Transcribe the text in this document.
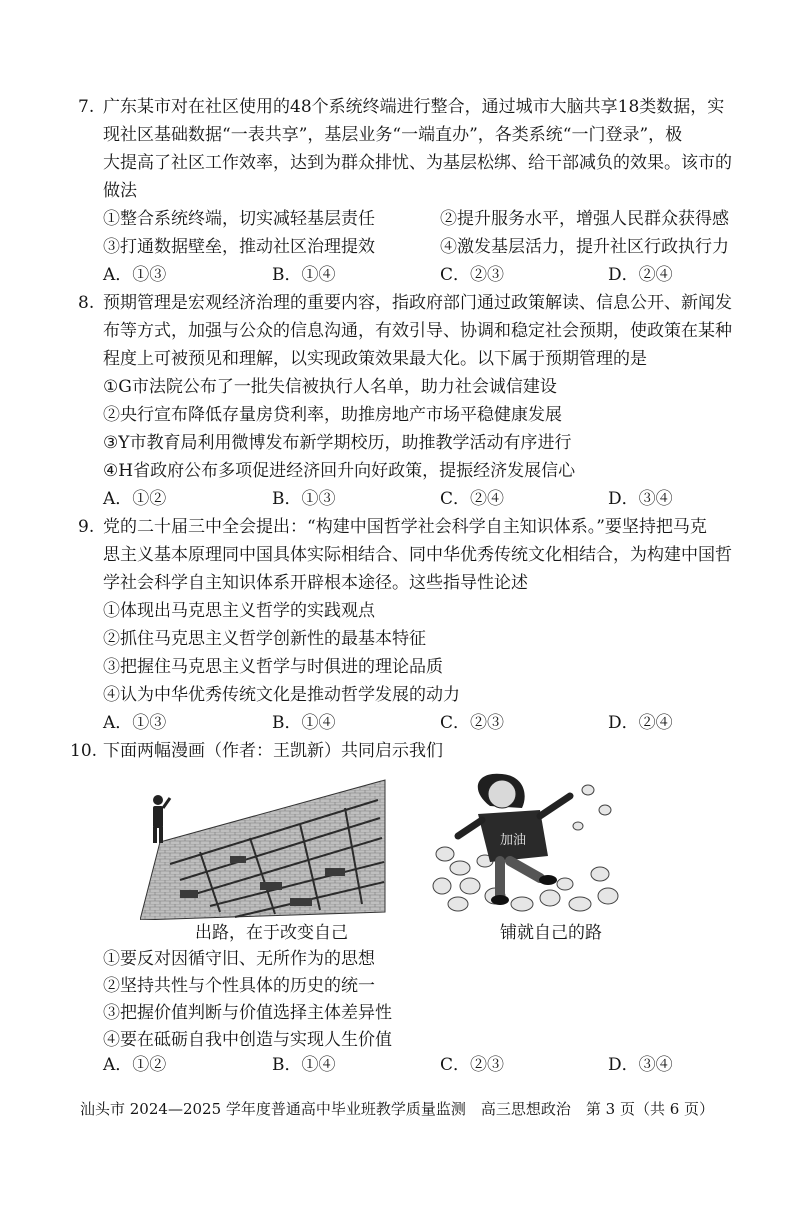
7. 广东某市对在社区使用的48个系统终端进行整合，通过城市大脑共享18类数据，实
现社区基础数据“一表共享”，基层业务“一端直办”，各类系统“一门登录”，极
大提高了社区工作效率，达到为群众排忧、为基层松绑、给干部减负的效果。该市的
做法
①整合系统终端，切实减轻基层责任	②提升服务水平，增强人民群众获得感
③打通数据壁垒，推动社区治理提效	④激发基层活力，提升社区行政执行力
A．①③	B．①④	C．②③	D．②④
8. 预期管理是宏观经济治理的重要内容，指政府部门通过政策解读、信息公开、新闻发
布等方式，加强与公众的信息沟通，有效引导、协调和稳定社会预期，使政策在某种
程度上可被预见和理解，以实现政策效果最大化。以下属于预期管理的是
①G市法院公布了一批失信被执行人名单，助力社会诚信建设
②央行宣布降低存量房贷利率，助推房地产市场平稳健康发展
③Y市教育局利用微博发布新学期校历，助推教学活动有序进行
④H省政府公布多项促进经济回升向好政策，提振经济发展信心
A．①②	B．①③	C．②④	D．③④
9. 党的二十届三中全会提出：“构建中国哲学社会科学自主知识体系。”要坚持把马克
思主义基本原理同中国具体实际相结合、同中华优秀传统文化相结合，为构建中国哲
学社会科学自主知识体系开辟根本途径。这些指导性论述
①体现出马克思主义哲学的实践观点
②抓住马克思主义哲学创新性的最基本特征
③把握住马克思主义哲学与时俱进的理论品质
④认为中华优秀传统文化是推动哲学发展的动力
A．①③	B．①④	C．②③	D．②④
10. 下面两幅漫画（作者：王凯新）共同启示我们
加油
出路，在于改变自己	铺就自己的路
①要反对因循守旧、无所作为的思想
②坚持共性与个性具体的历史的统一
③把握价值判断与价值选择主体差异性
④要在砥砺自我中创造与实现人生价值
A．①②	B．①④	C．②③	D．③④
汕头市 2024—2025 学年度普通高中毕业班教学质量监测　高三思想政治　第 3 页（共 6 页）
